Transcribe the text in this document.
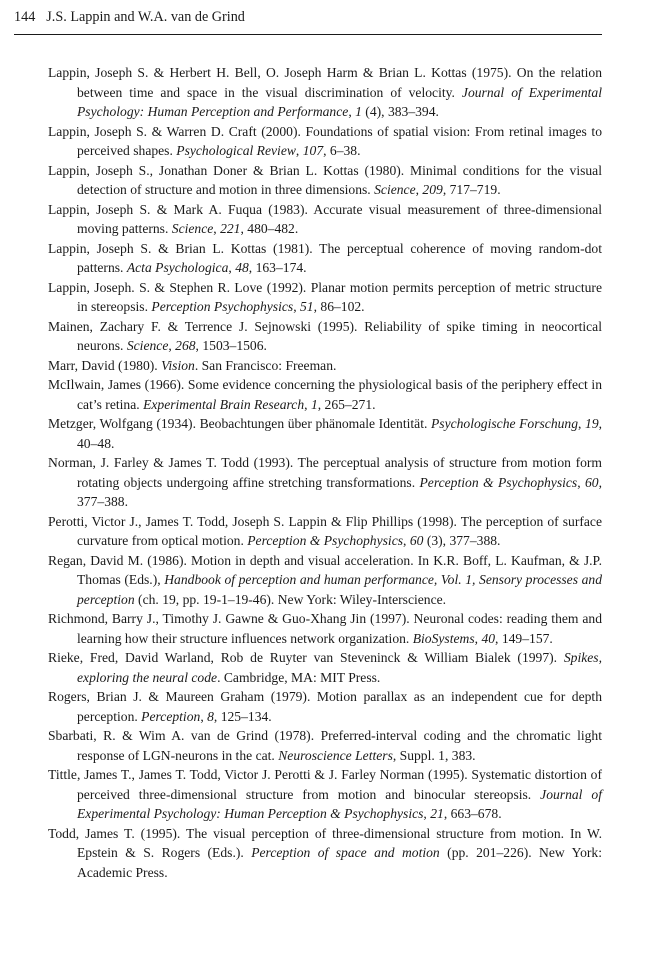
144 J.S. Lappin and W.A. van de Grind
Lappin, Joseph S. & Herbert H. Bell, O. Joseph Harm & Brian L. Kottas (1975). On the relation between time and space in the visual discrimination of velocity. Journal of Experimental Psychology: Human Perception and Performance, 1 (4), 383–394.
Lappin, Joseph S. & Warren D. Craft (2000). Foundations of spatial vision: From retinal images to perceived shapes. Psychological Review, 107, 6–38.
Lappin, Joseph S., Jonathan Doner & Brian L. Kottas (1980). Minimal conditions for the visual detection of structure and motion in three dimensions. Science, 209, 717–719.
Lappin, Joseph S. & Mark A. Fuqua (1983). Accurate visual measurement of three-dimensional moving patterns. Science, 221, 480–482.
Lappin, Joseph S. & Brian L. Kottas (1981). The perceptual coherence of moving random-dot patterns. Acta Psychologica, 48, 163–174.
Lappin, Joseph. S. & Stephen R. Love (1992). Planar motion permits perception of metric structure in stereopsis. Perception Psychophysics, 51, 86–102.
Mainen, Zachary F. & Terrence J. Sejnowski (1995). Reliability of spike timing in neocortical neurons. Science, 268, 1503–1506.
Marr, David (1980). Vision. San Francisco: Freeman.
McIlwain, James (1966). Some evidence concerning the physiological basis of the periphery effect in cat’s retina. Experimental Brain Research, 1, 265–271.
Metzger, Wolfgang (1934). Beobachtungen über phänomale Identität. Psychologische Forschung, 19, 40–48.
Norman, J. Farley & James T. Todd (1993). The perceptual analysis of structure from motion form rotating objects undergoing affine stretching transformations. Perception & Psychophysics, 60, 377–388.
Perotti, Victor J., James T. Todd, Joseph S. Lappin & Flip Phillips (1998). The perception of surface curvature from optical motion. Perception & Psychophysics, 60 (3), 377–388.
Regan, David M. (1986). Motion in depth and visual acceleration. In K.R. Boff, L. Kaufman, & J.P. Thomas (Eds.), Handbook of perception and human performance, Vol. 1, Sensory processes and perception (ch. 19, pp. 19-1–19-46). New York: Wiley-Interscience.
Richmond, Barry J., Timothy J. Gawne & Guo-Xhang Jin (1997). Neuronal codes: reading them and learning how their structure influences network organization. BioSystems, 40, 149–157.
Rieke, Fred, David Warland, Rob de Ruyter van Steveninck & William Bialek (1997). Spikes, exploring the neural code. Cambridge, MA: MIT Press.
Rogers, Brian J. & Maureen Graham (1979). Motion parallax as an independent cue for depth perception. Perception, 8, 125–134.
Sbarbati, R. & Wim A. van de Grind (1978). Preferred-interval coding and the chromatic light response of LGN-neurons in the cat. Neuroscience Letters, Suppl. 1, 383.
Tittle, James T., James T. Todd, Victor J. Perotti & J. Farley Norman (1995). Systematic distortion of perceived three-dimensional structure from motion and binocular stereopsis. Journal of Experimental Psychology: Human Perception & Psychophysics, 21, 663–678.
Todd, James T. (1995). The visual perception of three-dimensional structure from motion. In W. Epstein & S. Rogers (Eds.). Perception of space and motion (pp. 201–226). New York: Academic Press.
